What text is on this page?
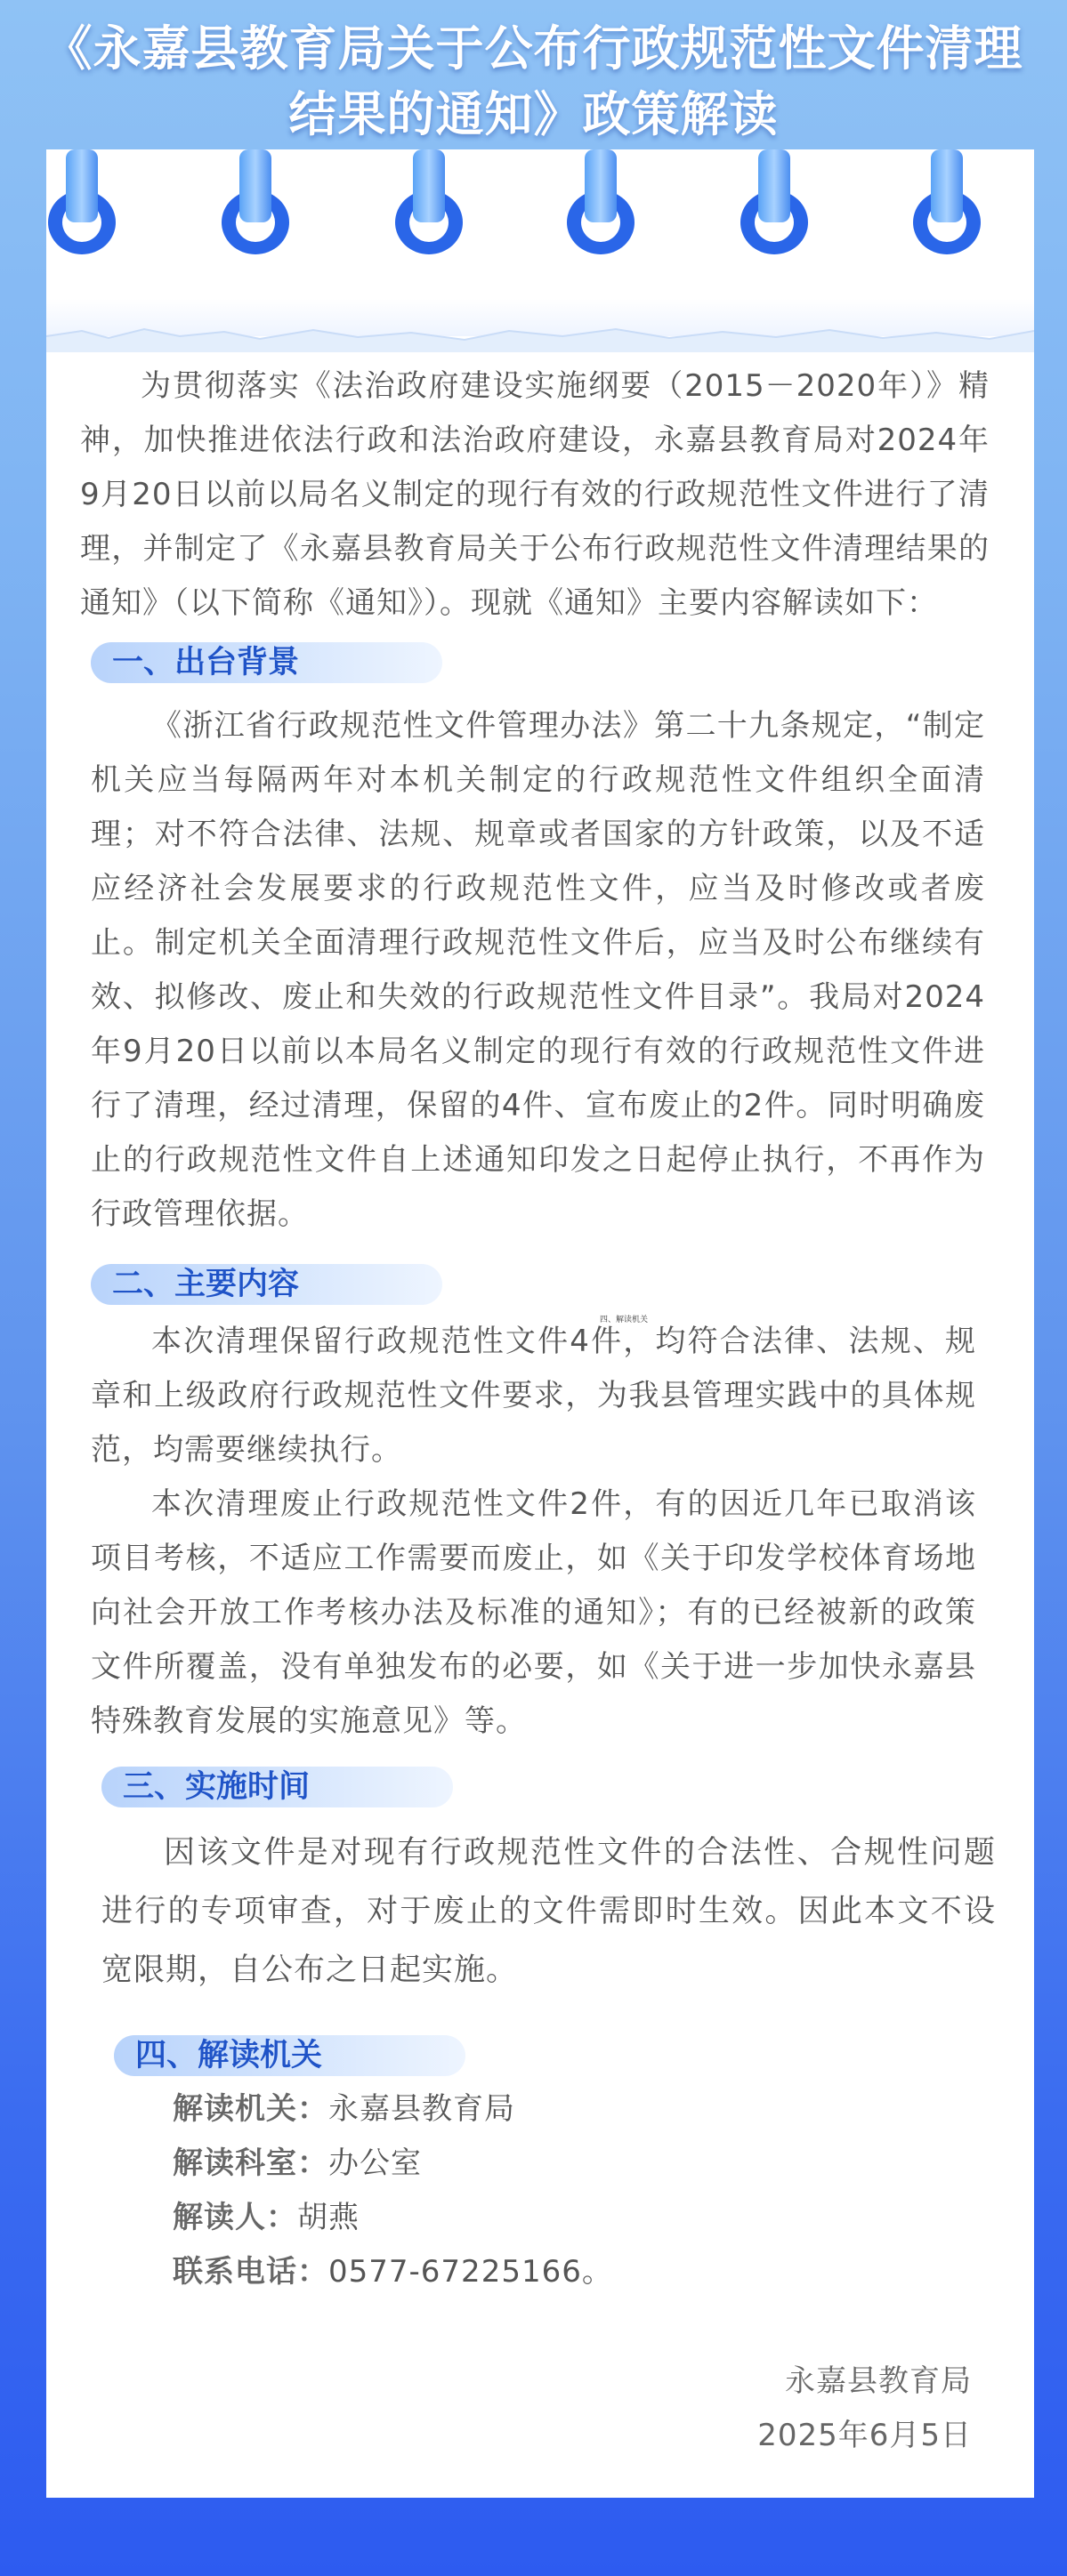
《永嘉县教育局关于公布行政规范性文件清理结果的通知》政策解读

为贯彻落实《法治政府建设实施纲要（2015－2020年）》精神，加快推进依法行政和法治政府建设，永嘉县教育局对2024年9月20日以前以局名义制定的现行有效的行政规范性文件进行了清理，并制定了《永嘉县教育局关于公布行政规范性文件清理结果的通知》（以下简称《通知》）。现就《通知》主要内容解读如下：

一、出台背景

《浙江省行政规范性文件管理办法》第二十九条规定，“制定机关应当每隔两年对本机关制定的行政规范性文件组织全面清理；对不符合法律、法规、规章或者国家的方针政策，以及不适应经济社会发展要求的行政规范性文件，应当及时修改或者废止。制定机关全面清理行政规范性文件后，应当及时公布继续有效、拟修改、废止和失效的行政规范性文件目录”。我局对2024年9月20日以前以本局名义制定的现行有效的行政规范性文件进行了清理，经过清理，保留的4件、宣布废止的2件。同时明确废止的行政规范性文件自上述通知印发之日起停止执行，不再作为行政管理依据。

二、主要内容
四、解读机关

本次清理保留行政规范性文件4件，均符合法律、法规、规章和上级政府行政规范性文件要求，为我县管理实践中的具体规范，均需要继续执行。

本次清理废止行政规范性文件2件，有的因近几年已取消该项目考核，不适应工作需要而废止，如《关于印发学校体育场地向社会开放工作考核办法及标准的通知》；有的已经被新的政策文件所覆盖，没有单独发布的必要，如《关于进一步加快永嘉县特殊教育发展的实施意见》等。

三、实施时间

因该文件是对现有行政规范性文件的合法性、合规性问题进行的专项审查，对于废止的文件需即时生效。因此本文不设宽限期，自公布之日起实施。

四、解读机关

解读机关：永嘉县教育局

解读科室：办公室

解读人：胡燕

联系电话：0577-67225166。

永嘉县教育局

2025年6月5日
